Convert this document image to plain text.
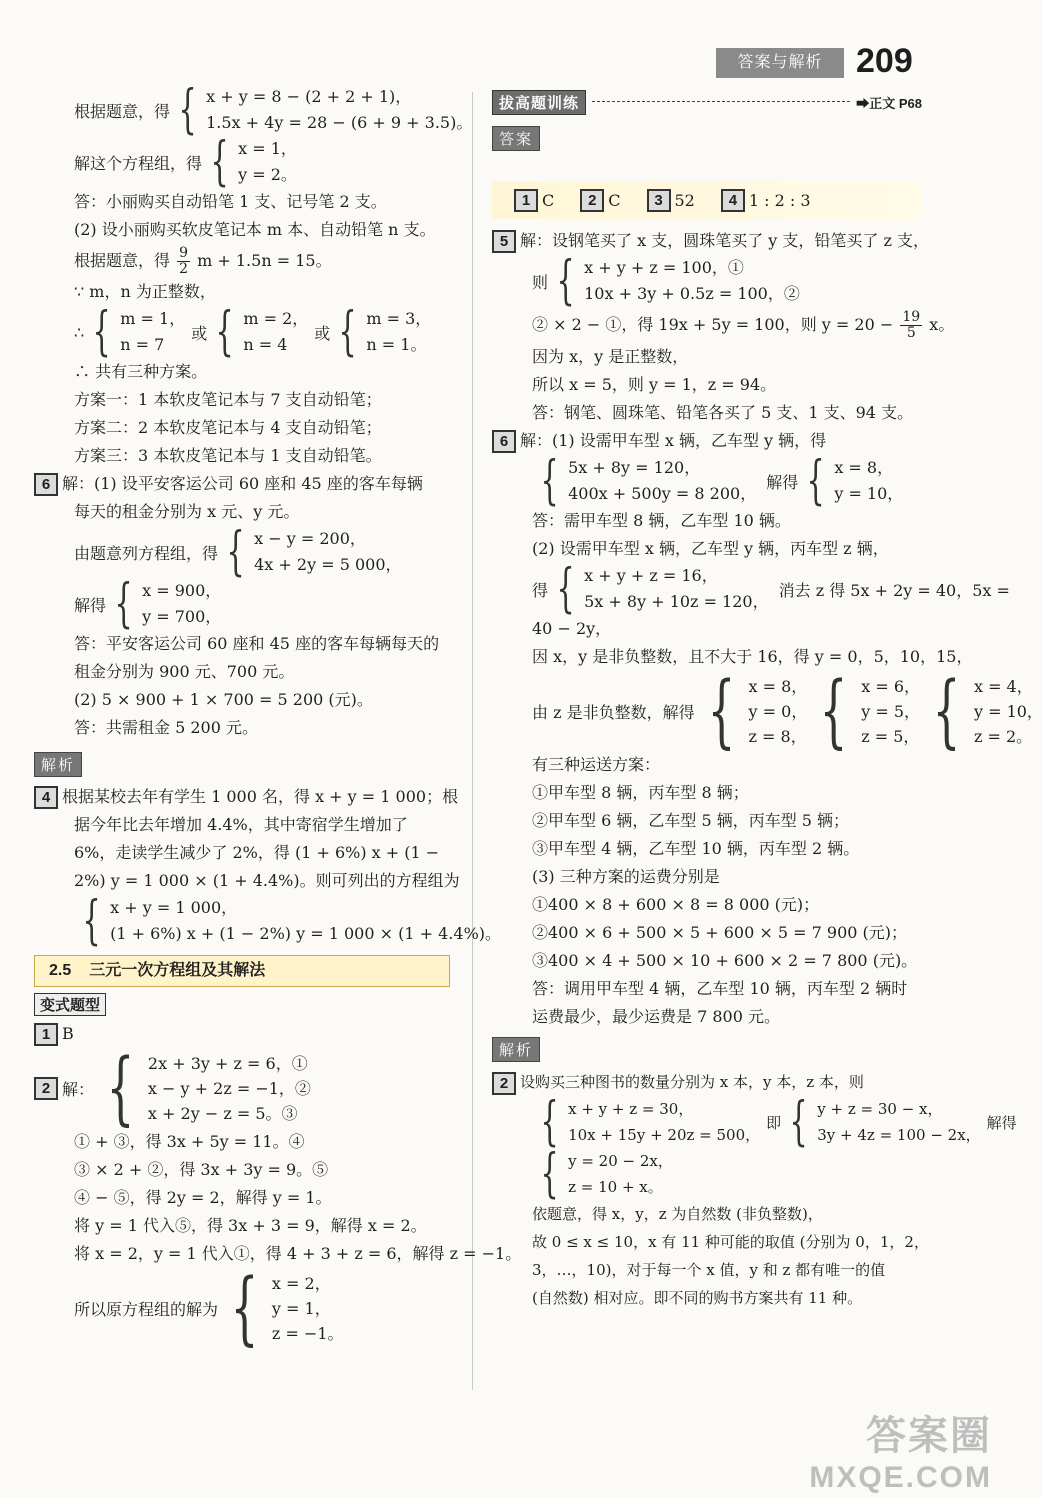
答案与解析 209
根据题意，得 { x + y = 8 − (2 + 2 + 1)，
1.5x + 4y = 28 − (6 + 9 + 3.5)。
解这个方程组，得 { x = 1，
y = 2。
答：小丽购买自动铅笔 1 支、记号笔 2 支。
(2) 设小丽购买软皮笔记本 m 本、自动铅笔 n 支。
根据题意，得 $\frac{9}{2}$ m + 1.5n = 15。
∵ m，n 为正整数，
∴ { m = 1，
n = 7
或 { m = 2，
n = 4
或 { m = 3，
n = 1。
∴ 共有三种方案。
方案一：1 本软皮笔记本与 7 支自动铅笔；
方案二：2 本软皮笔记本与 4 支自动铅笔；
方案三：3 本软皮笔记本与 1 支自动铅笔。
6 解：(1) 设平安客运公司 60 座和 45 座的客车每辆
每天的租金分别为 x 元、y 元。
由题意列方程组，得 { x − y = 200，
4x + 2y = 5 000，
解得 { x = 900，
y = 700，
答：平安客运公司 60 座和 45 座的客车每辆每天的
租金分别为 900 元、700 元。
(2) 5 × 900 + 1 × 700 = 5 200 (元)。
答：共需租金 5 200 元。
解析
4 根据某校去年有学生 1 000 名，得 x + y = 1 000；根
据今年比去年增加 4.4%，其中寄宿学生增加了
6%，走读学生减少了 2%，得 (1 + 6%) x + (1 −
2%) y = 1 000 × (1 + 4.4%)。则可列出的方程组为
{ x + y = 1 000，
(1 + 6%) x + (1 − 2%) y = 1 000 × (1 + 4.4%)。
2.5 三元一次方程组及其解法
变式题型
1 B
2 解： { 2x + 3y + z = 6，①
x − y + 2z = −1，②
x + 2y − z = 5。③
① + ③，得 3x + 5y = 11。④
③ × 2 + ②，得 3x + 3y = 9。⑤
④ − ⑤，得 2y = 2，解得 y = 1。
将 y = 1 代入⑤，得 3x + 3 = 9，解得 x = 2。
将 x = 2，y = 1 代入①，得 4 + 3 + z = 6，解得 z = −1。
所以原方程组的解为 { x = 2，
y = 1，
z = −1。
拔高题训练	➡正文 P68
答案
1 C	2 C	3 52	4 1 : 2 : 3
5 解：设钢笔买了 x 支，圆珠笔买了 y 支，铅笔买了 z 支，
则 { x + y + z = 100，①
10x + 3y + 0.5z = 100，②
② × 2 − ①，得 19x + 5y = 100，则 $y = 20 - \frac{19}{5}$ x。
因为 x，y 是正整数，
所以 x = 5，则 y = 1，z = 94。
答：钢笔、圆珠笔、铅笔各买了 5 支、1 支、94 支。
6 解：(1) 设需甲车型 x 辆，乙车型 y 辆，得
{ 5x + 8y = 120，
400x + 500y = 8 200，
解得 { x = 8，
y = 10，
答：需甲车型 8 辆，乙车型 10 辆。
(2) 设需甲车型 x 辆，乙车型 y 辆，丙车型 z 辆，
得 { x + y + z = 16，
5x + 8y + 10z = 120，
消去 z 得 5x + 2y = 40，5x =
40 − 2y，
因 x，y 是非负整数，且不大于 16，得 y = 0，5，10，15，
由 z 是非负整数，解得 { x = 8，
y = 0，
z = 8， { x = 6，
y = 5，
z = 5， { x = 4，
y = 10，
z = 2。
有三种运送方案：
①甲车型 8 辆，丙车型 8 辆；
②甲车型 6 辆，乙车型 5 辆，丙车型 5 辆；
③甲车型 4 辆，乙车型 10 辆，丙车型 2 辆。
(3) 三种方案的运费分别是
①400 × 8 + 600 × 8 = 8 000 (元)；
②400 × 6 + 500 × 5 + 600 × 5 = 7 900 (元)；
③400 × 4 + 500 × 10 + 600 × 2 = 7 800 (元)。
答：调用甲车型 4 辆，乙车型 10 辆，丙车型 2 辆时
运费最少，最少运费是 7 800 元。
解析
2 设购买三种图书的数量分别为 x 本，y 本，z 本，则
{ x + y + z = 30，
10x + 15y + 20z = 500，
即 { y + z = 30 − x，
3y + 4z = 100 − 2x，
解得
{ y = 20 − 2x，
z = 10 + x。
依题意，得 x，y，z 为自然数 (非负整数)，
故 0 ≤ x ≤ 10，x 有 11 种可能的取值 (分别为 0，1，2，
3，…，10)，对于每一个 x 值，y 和 z 都有唯一的值
(自然数) 相对应。即不同的购书方案共有 11 种。
答案圈
MXQE.COM
